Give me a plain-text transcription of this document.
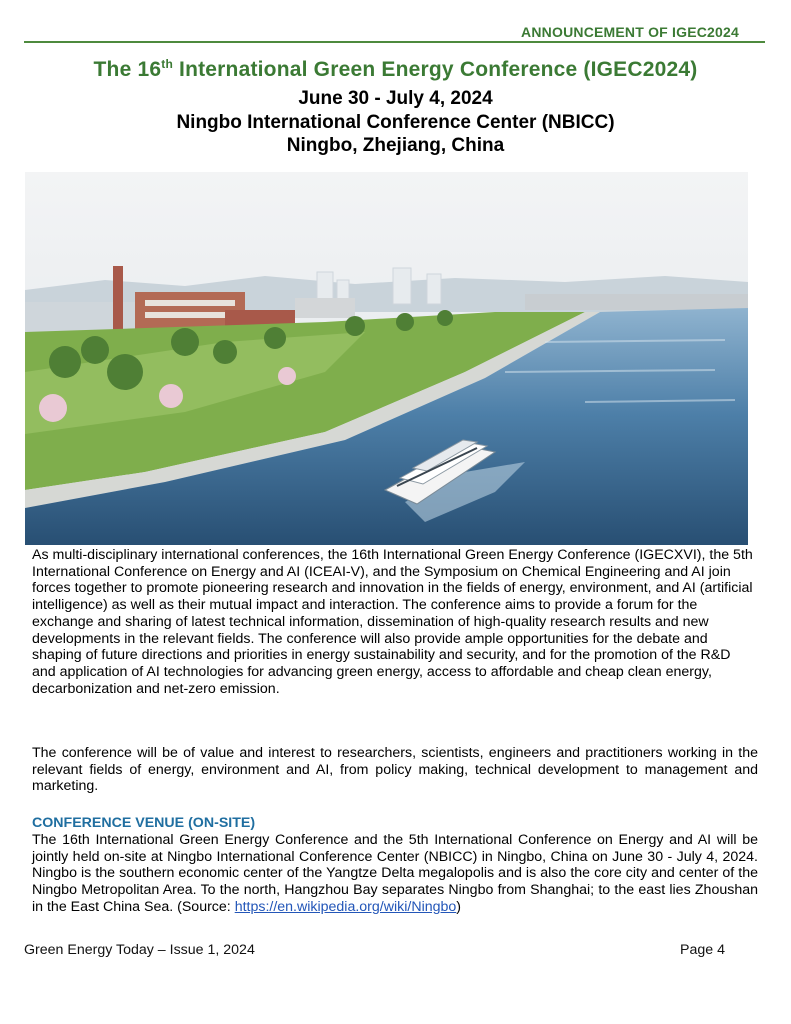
ANNOUNCEMENT OF IGEC2024
The 16th International Green Energy Conference (IGEC2024)
June 30 - July 4, 2024
Ningbo International Conference Center (NBICC)
Ningbo, Zhejiang, China
As multi-disciplinary international conferences, the 16th International Green Energy Conference (IGECXVI), the 5th International Conference on Energy and AI (ICEAI-V), and the Symposium on Chemical Engineering and AI join forces together to promote pioneering research and innovation in the fields of energy, environment, and AI (artificial intelligence) as well as their mutual impact and interaction. The conference aims to provide a forum for the exchange and sharing of latest technical information, dissemination of high-quality research results and new developments in the relevant fields. The conference will also provide ample opportunities for the debate and shaping of future directions and priorities in energy sustainability and security, and for the promotion of the R&D and application of AI technologies for advancing green energy, access to affordable and cheap clean energy, decarbonization and net-zero emission.
The conference will be of value and interest to researchers, scientists, engineers and practitioners working in the relevant fields of energy, environment and AI, from policy making, technical development to management and marketing.
CONFERENCE VENUE (ON-SITE)
The 16th International Green Energy Conference and the 5th International Conference on Energy and AI will be jointly held on-site at Ningbo International Conference Center (NBICC) in Ningbo, China on June 30 - July 4, 2024. Ningbo is the southern economic center of the Yangtze Delta megalopolis and is also the core city and center of the Ningbo Metropolitan Area. To the north, Hangzhou Bay separates Ningbo from Shanghai; to the east lies Zhoushan in the East China Sea. (Source: https://en.wikipedia.org/wiki/Ningbo)
Green Energy Today – Issue 1, 2024	Page 4
